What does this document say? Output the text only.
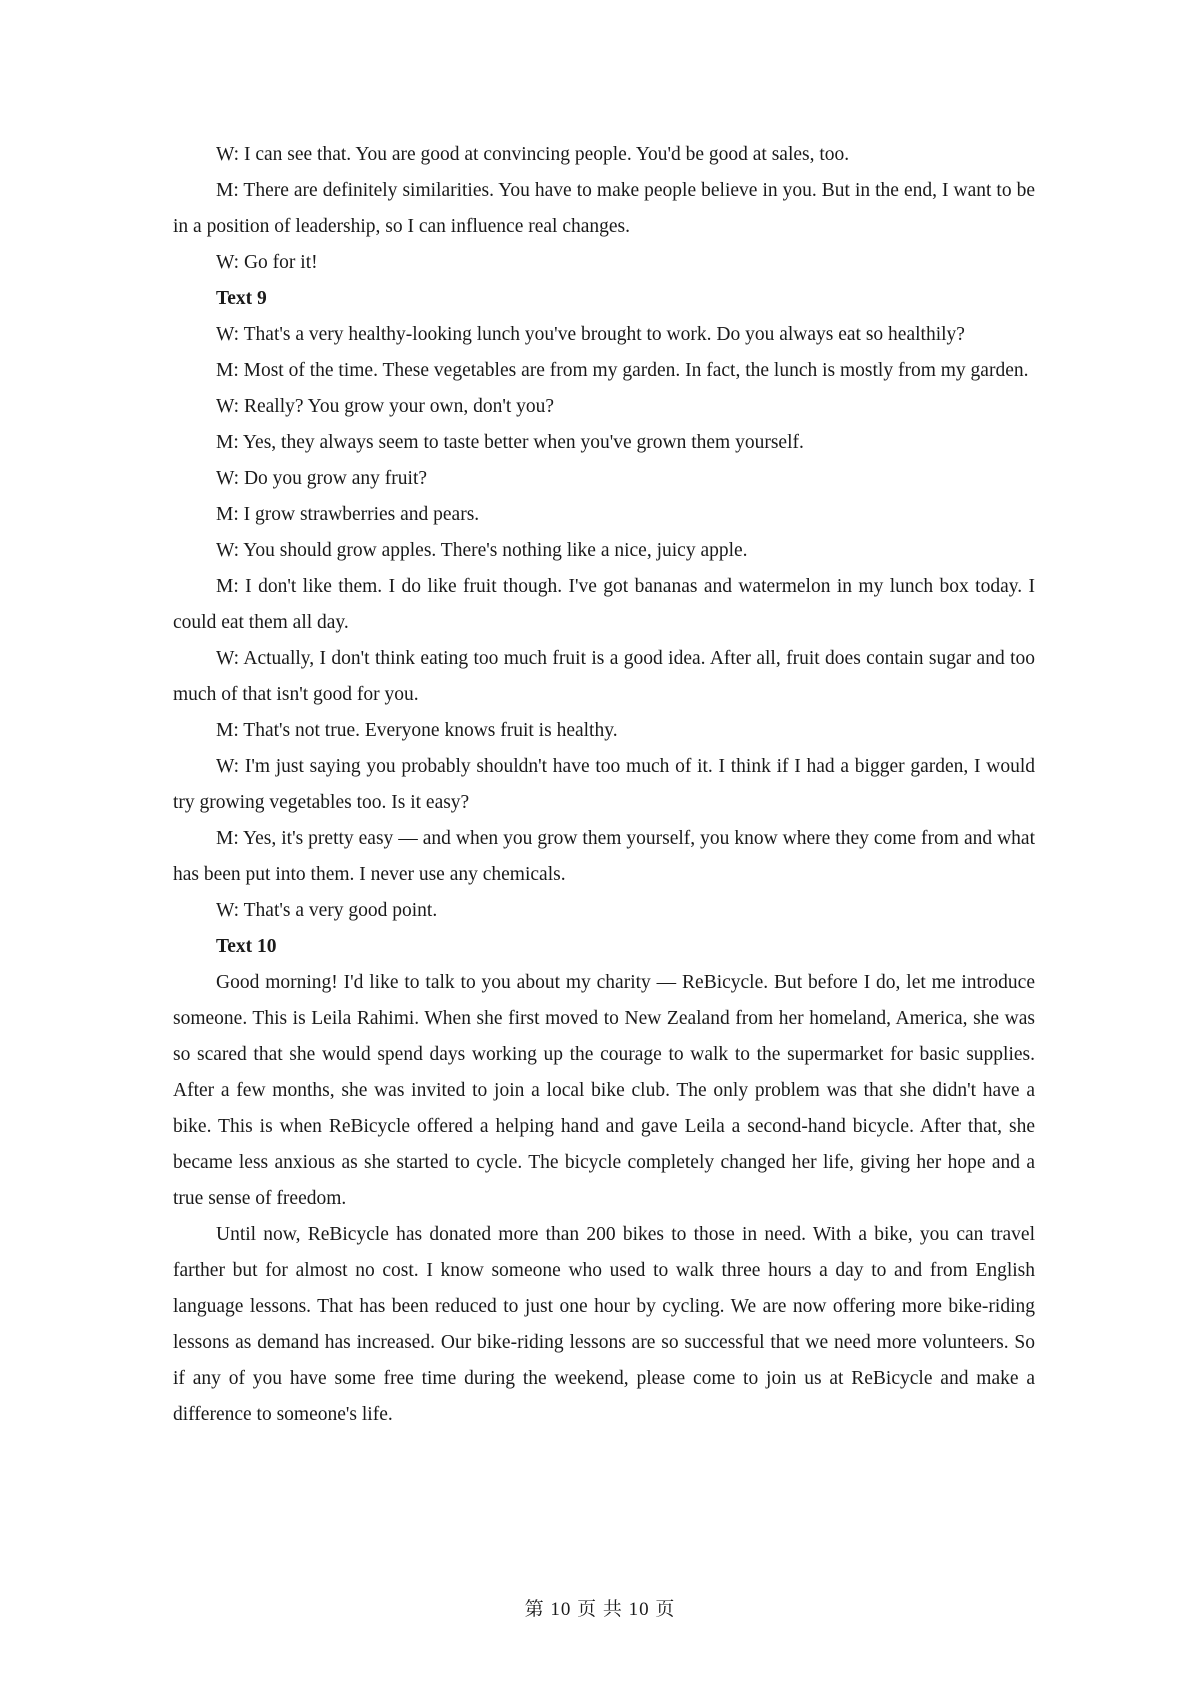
W: I can see that. You are good at convincing people. You'd be good at sales, too.

M: There are definitely similarities. You have to make people believe in you. But in the end, I want to be in a position of leadership, so I can influence real changes.

W: Go for it!

Text 9

W: That's a very healthy-looking lunch you've brought to work. Do you always eat so healthily?

M: Most of the time. These vegetables are from my garden. In fact, the lunch is mostly from my garden.

W: Really? You grow your own, don't you?

M: Yes, they always seem to taste better when you've grown them yourself.

W: Do you grow any fruit?

M: I grow strawberries and pears.

W: You should grow apples. There's nothing like a nice, juicy apple.

M: I don't like them. I do like fruit though. I've got bananas and watermelon in my lunch box today. I could eat them all day.

W: Actually, I don't think eating too much fruit is a good idea. After all, fruit does contain sugar and too much of that isn't good for you.

M: That's not true. Everyone knows fruit is healthy.

W: I'm just saying you probably shouldn't have too much of it. I think if I had a bigger garden, I would try growing vegetables too. Is it easy?

M: Yes, it's pretty easy — and when you grow them yourself, you know where they come from and what has been put into them. I never use any chemicals.

W: That's a very good point.

Text 10

Good morning! I'd like to talk to you about my charity — ReBicycle. But before I do, let me introduce someone. This is Leila Rahimi. When she first moved to New Zealand from her homeland, America, she was so scared that she would spend days working up the courage to walk to the supermarket for basic supplies. After a few months, she was invited to join a local bike club. The only problem was that she didn't have a bike. This is when ReBicycle offered a helping hand and gave Leila a second-hand bicycle. After that, she became less anxious as she started to cycle. The bicycle completely changed her life, giving her hope and a true sense of freedom.

Until now, ReBicycle has donated more than 200 bikes to those in need. With a bike, you can travel farther but for almost no cost. I know someone who used to walk three hours a day to and from English language lessons. That has been reduced to just one hour by cycling. We are now offering more bike-riding lessons as demand has increased. Our bike-riding lessons are so successful that we need more volunteers. So if any of you have some free time during the weekend, please come to join us at ReBicycle and make a difference to someone's life.

第 10 页 共 10 页
